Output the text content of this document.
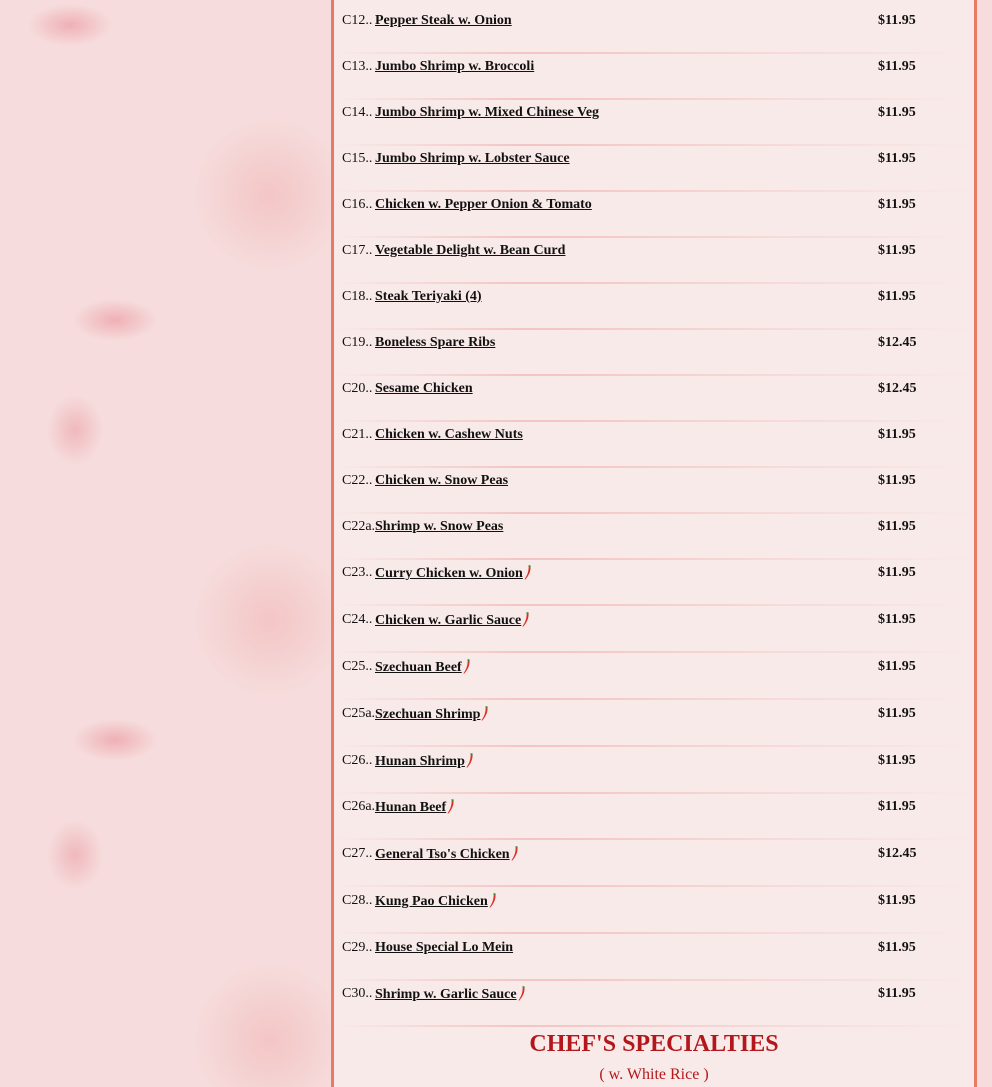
C12.. Pepper Steak w. Onion	$11.95
C13.. Jumbo Shrimp w. Broccoli	$11.95
C14.. Jumbo Shrimp w. Mixed Chinese Veg	$11.95
C15.. Jumbo Shrimp w. Lobster Sauce	$11.95
C16.. Chicken w. Pepper Onion & Tomato	$11.95
C17.. Vegetable Delight w. Bean Curd	$11.95
C18.. Steak Teriyaki (4)	$11.95
C19.. Boneless Spare Ribs	$12.45
C20.. Sesame Chicken	$12.45
C21.. Chicken w. Cashew Nuts	$11.95
C22.. Chicken w. Snow Peas	$11.95
C22a. Shrimp w. Snow Peas	$11.95
C23.. Curry Chicken w. Onion	$11.95
C24.. Chicken w. Garlic Sauce	$11.95
C25.. Szechuan Beef	$11.95
C25a. Szechuan Shrimp	$11.95
C26.. Hunan Shrimp	$11.95
C26a. Hunan Beef	$11.95
C27.. General Tso's Chicken	$12.45
C28.. Kung Pao Chicken	$11.95
C29.. House Special Lo Mein	$11.95
C30.. Shrimp w. Garlic Sauce	$11.95
CHEF'S SPECIALTIES
( w. White Rice )
